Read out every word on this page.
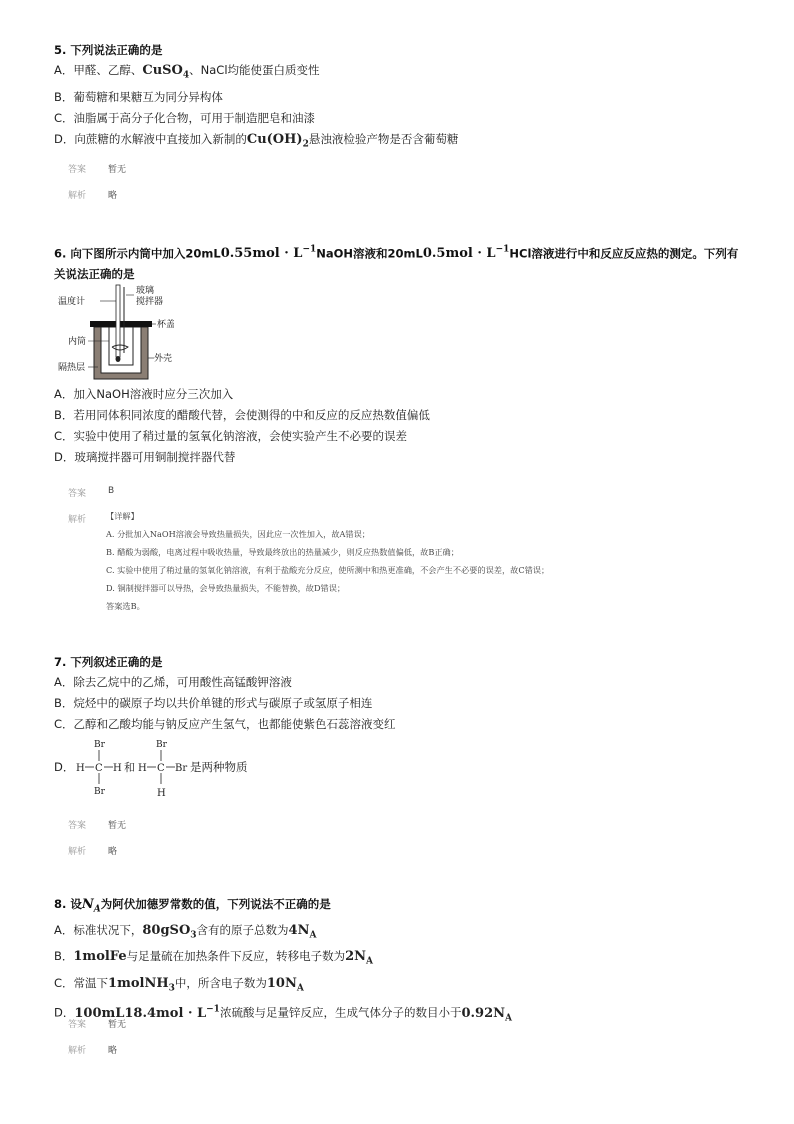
5. 下列说法正确的是
A．甲醛、乙醇、CuSO$_4$、NaCl均能使蛋白质变性
B．葡萄糖和果糖互为同分异构体
C．油脂属于高分子化合物，可用于制造肥皂和油漆
D．向蔗糖的水解液中直接加入新制的$Cu(OH)_2$悬浊液检验产物是否含葡萄糖
答案 暂无
解析 略
6. 向下图所示内筒中加入$20mL0.55mol \cdot L^{-1}NaOH$溶液和$20mL0.5mol \cdot L^{-1}HCl$溶液进行中和反应反应热的测定。下列有
关说法正确的是
温度计
玻璃
搅拌器
杯盖
内筒
外壳
隔热层
A．加入NaOH溶液时应分三次加入
B．若用同体积同浓度的醋酸代替，会使测得的中和反应的反应热数值偏低
C．实验中使用了稍过量的氢氧化钠溶液，会使实验产生不必要的误差
D．玻璃搅拌器可用铜制搅拌器代替
答案 B
解析 【详解】
A. 分批加入NaOH溶液会导致热量损失，因此应一次性加入，故A错误；
B. 醋酸为弱酸，电离过程中吸收热量，导致最终放出的热量减少，则反应热数值偏低，故B正确；
C. 实验中使用了稍过量的氢氧化钠溶液，有利于盐酸充分反应，使所测中和热更准确，不会产生不必要的误差，故C错误；
D. 铜制搅拌器可以导热，会导致热量损失，不能替换，故D错误；
答案选B。
7. 下列叙述正确的是
A．除去乙烷中的乙烯，可用酸性高锰酸钾溶液
B．烷烃中的碳原子均以共价单键的形式与碳原子或氢原子相连
C．乙醇和乙酸均能与钠反应产生氢气，也都能使紫色石蕊溶液变红
D． H C H
Br
Br
和 H C Br
Br
H
是两种物质
答案 暂无
解析 略
8. 设$N_A$为阿伏加德罗常数的值，下列说法不正确的是
A．标准状况下，80gSO$_3$含有的原子总数为$4N_A$
B．1molFe与足量硫在加热条件下反应，转移电子数为$2N_A$
C．常温下1molNH$_3$中，所含电子数为$10N_A$
D．$100mL18.4mol \cdot L^{-1}$浓硫酸与足量锌反应，生成气体分子的数目小于$0.92N_A$
答案 暂无
解析 略
